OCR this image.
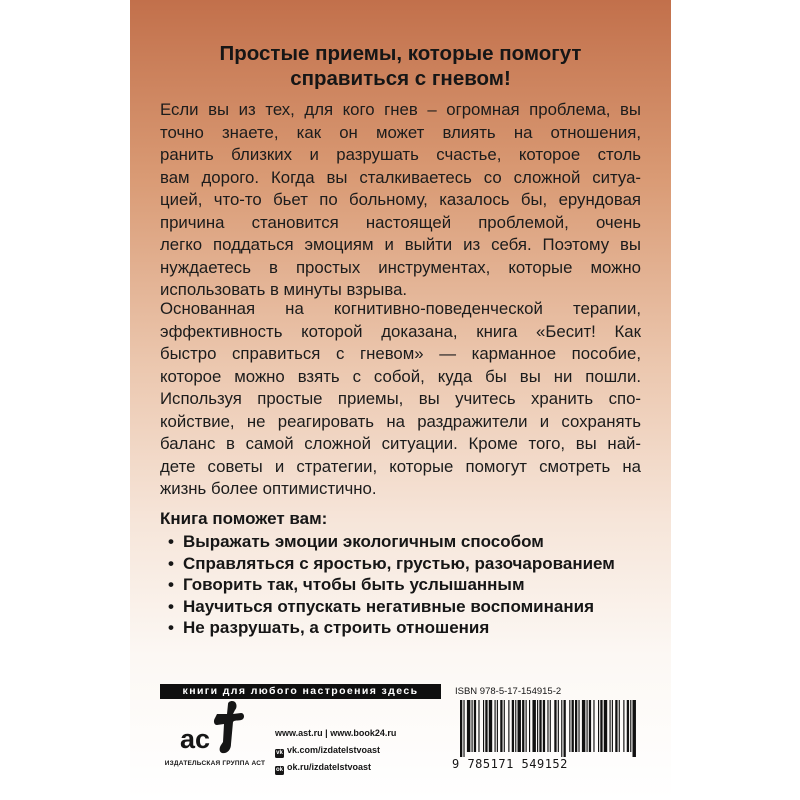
Простые приемы, которые помогут
справиться с гневом!
Если вы из тех, для кого гнев – огромная проблема, вы
точно знаете, как он может влиять на отношения,
ранить близких и разрушать счастье, которое столь
вам дорого. Когда вы сталкиваетесь со сложной ситуа-
цией, что-то бьет по больному, казалось бы, ерундовая
причина становится настоящей проблемой, очень
легко поддаться эмоциям и выйти из себя. Поэтому вы
нуждаетесь в простых инструментах, которые можно
использовать в минуты взрыва.
Основанная на когнитивно-поведенческой терапии,
эффективность которой доказана, книга «Бесит! Как
быстро справиться с гневом» — карманное пособие,
которое можно взять с собой, куда бы вы ни пошли.
Используя простые приемы, вы учитесь хранить спо-
койствие, не реагировать на раздражители и сохранять
баланс в самой сложной ситуации. Кроме того, вы най-
дете советы и стратегии, которые помогут смотреть на
жизнь более оптимистично.
Книга поможет вам:
• Выражать эмоции экологичным способом
• Справляться с яростью, грустью, разочарованием
• Говорить так, чтобы быть услышанным
• Научиться отпускать негативные воспоминания
• Не разрушать, а строить отношения
книги для любого настроения здесь
ac
ИЗДАТЕЛЬСКАЯ ГРУППА АСТ
www.ast.ru | www.book24.ru
vk vk.com/izdatelstvoast
ok ok.ru/izdatelstvoast
ISBN 978-5-17-154915-2
9 785171 549152
